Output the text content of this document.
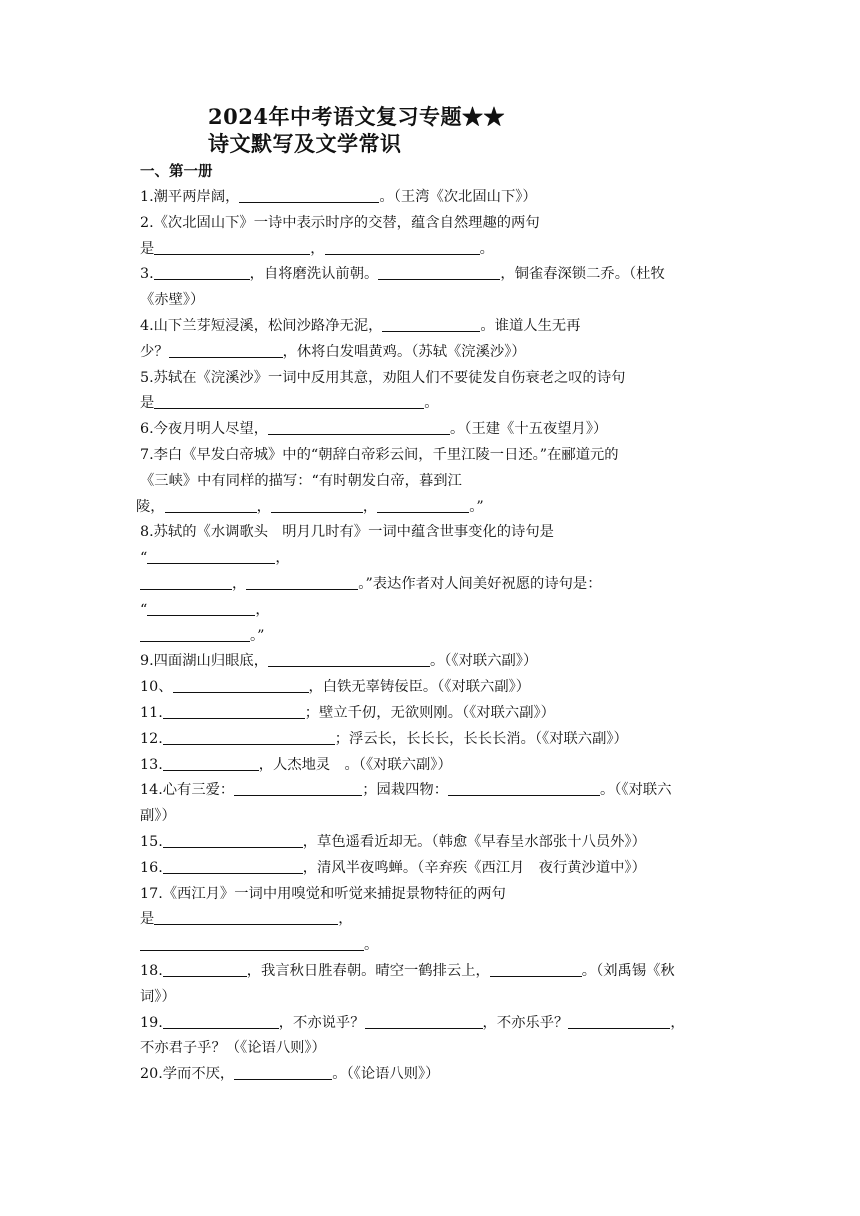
2024年中考语文复习专题★★
诗文默写及文学常识
一、第一册
1.潮平两岸阔，	。（王湾《次北固山下》）
2.《次北固山下》一诗中表示时序的交替，蕴含自然理趣的两句
是	，	。
3.	，自将磨洗认前朝。	，铜雀春深锁二乔。（杜牧
《赤壁》）
4.山下兰芽短浸溪，松间沙路净无泥，	。谁道人生无再
少？	，休将白发唱黄鸡。（苏轼《浣溪沙》）
5.苏轼在《浣溪沙》一词中反用其意，劝阻人们不要徒发自伤衰老之叹的诗句
是	。
6.今夜月明人尽望，	。（王建《十五夜望月》）
7.李白《早发白帝城》中的“朝辞白帝彩云间，千里江陵一日还。”在郦道元的
《三峡》中有同样的描写：“有时朝发白帝，暮到江
陵，	，	，	。”
8.苏轼的《水调歌头　明月几时有》一词中蕴含世事变化的诗句是
“	，
，	。”表达作者对人间美好祝愿的诗句是：
“	，
。”
9.四面湖山归眼底，	。（《对联六副》）
10、	，白铁无辜铸佞臣。（《对联六副》）
11.	；壁立千仞，无欲则刚。（《对联六副》）
12.	；浮云长，长长长，长长长消。（《对联六副》）
13.	，人杰地灵　。（《对联六副》）
14.心有三爱：	；园栽四物：	。（《对联六
副》）
15.	，草色遥看近却无。（韩愈《早春呈水部张十八员外》）
16.	，清风半夜鸣蝉。（辛弃疾《西江月　夜行黄沙道中》）
17.《西江月》一词中用嗅觉和听觉来捕捉景物特征的两句
是	，
。
18.	，我言秋日胜春朝。晴空一鹤排云上，	。（刘禹锡《秋
词》）
19.	，不亦说乎？	，不亦乐乎？	，
不亦君子乎？（《论语八则》）
20.学而不厌，	。（《论语八则》）
